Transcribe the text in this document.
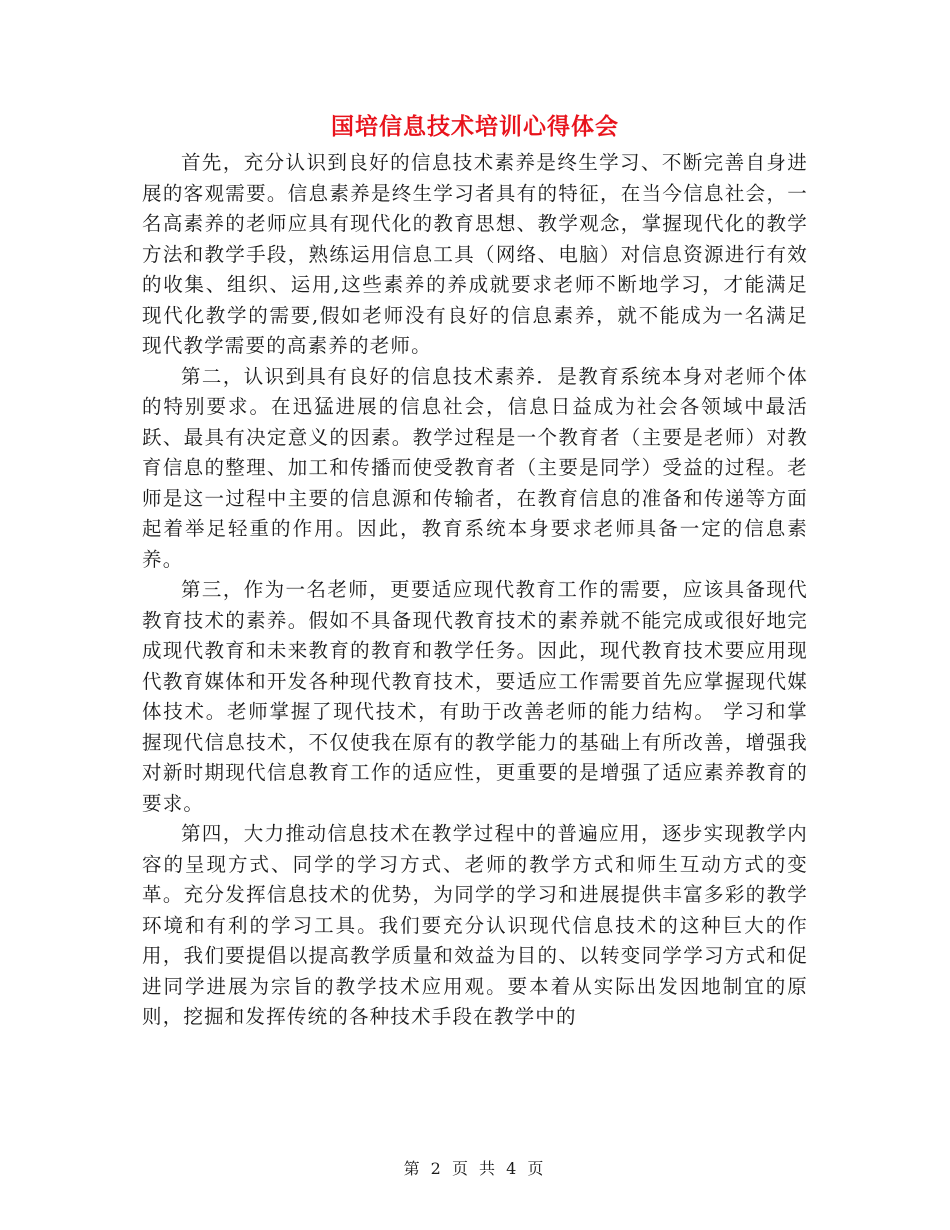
国培信息技术培训心得体会

首先，充分认识到良好的信息技术素养是终生学习、不断完善自身进展的客观需要。信息素养是终生学习者具有的特征，在当今信息社会，一名高素养的老师应具有现代化的教育思想、教学观念，掌握现代化的教学方法和教学手段，熟练运用信息工具（网络、电脑）对信息资源进行有效的收集、组织、运用,这些素养的养成就要求老师不断地学习，才能满足现代化教学的需要,假如老师没有良好的信息素养，就不能成为一名满足现代教学需要的高素养的老师。

第二，认识到具有良好的信息技术素养．是教育系统本身对老师个体的特别要求。在迅猛进展的信息社会，信息日益成为社会各领域中最活跃、最具有决定意义的因素。教学过程是一个教育者（主要是老师）对教育信息的整理、加工和传播而使受教育者（主要是同学）受益的过程。老师是这一过程中主要的信息源和传输者，在教育信息的准备和传递等方面起着举足轻重的作用。因此，教育系统本身要求老师具备一定的信息素养。

第三，作为一名老师，更要适应现代教育工作的需要，应该具备现代教育技术的素养。假如不具备现代教育技术的素养就不能完成或很好地完成现代教育和未来教育的教育和教学任务。因此，现代教育技术要应用现代教育媒体和开发各种现代教育技术，要适应工作需要首先应掌握现代媒体技术。老师掌握了现代技术，有助于改善老师的能力结构。 学习和掌握现代信息技术，不仅使我在原有的教学能力的基础上有所改善，增强我对新时期现代信息教育工作的适应性，更重要的是增强了适应素养教育的要求。

第四，大力推动信息技术在教学过程中的普遍应用，逐步实现教学内容的呈现方式、同学的学习方式、老师的教学方式和师生互动方式的变革。充分发挥信息技术的优势，为同学的学习和进展提供丰富多彩的教学环境和有利的学习工具。我们要充分认识现代信息技术的这种巨大的作用，我们要提倡以提高教学质量和效益为目的、以转变同学学习方式和促进同学进展为宗旨的教学技术应用观。要本着从实际出发因地制宜的原则，挖掘和发挥传统的各种技术手段在教学中的

第 2 页 共 4 页
